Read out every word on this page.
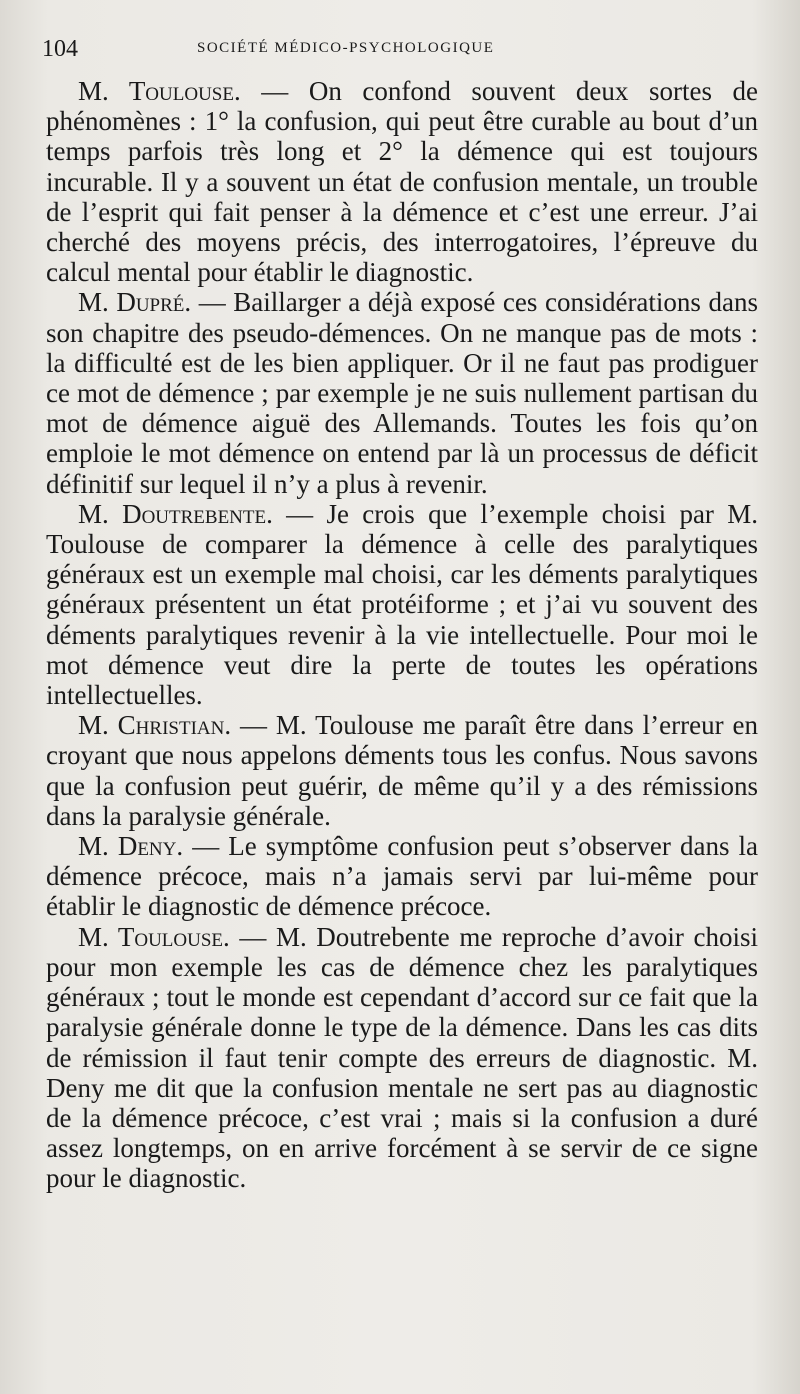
104	SOCIÉTÉ MÉDICO-PSYCHOLOGIQUE

M. Toulouse. — On confond souvent deux sortes de phénomènes : 1° la confusion, qui peut être curable au bout d’un temps parfois très long et 2° la démence qui est toujours incurable. Il y a souvent un état de confusion mentale, un trouble de l’esprit qui fait penser à la démence et c’est une erreur. J’ai cherché des moyens précis, des interrogatoires, l’épreuve du calcul mental pour établir le diagnostic.

M. Dupré. — Baillarger a déjà exposé ces considérations dans son chapitre des pseudo-démences. On ne manque pas de mots : la difficulté est de les bien appliquer. Or il ne faut pas prodiguer ce mot de démence ; par exemple je ne suis nullement partisan du mot de démence aiguë des Allemands. Toutes les fois qu’on emploie le mot démence on entend par là un processus de déficit définitif sur lequel il n’y a plus à revenir.

M. Doutrebente. — Je crois que l’exemple choisi par M. Toulouse de comparer la démence à celle des paralytiques généraux est un exemple mal choisi, car les déments paralytiques généraux présentent un état protéiforme ; et j’ai vu souvent des déments paralytiques revenir à la vie intellectuelle. Pour moi le mot démence veut dire la perte de toutes les opérations intellectuelles.

M. Christian. — M. Toulouse me paraît être dans l’erreur en croyant que nous appelons déments tous les confus. Nous savons que la confusion peut guérir, de même qu’il y a des rémissions dans la paralysie générale.

M. Deny. — Le symptôme confusion peut s’observer dans la démence précoce, mais n’a jamais servi par lui-même pour établir le diagnostic de démence précoce.

M. Toulouse. — M. Doutrebente me reproche d’avoir choisi pour mon exemple les cas de démence chez les paralytiques généraux ; tout le monde est cependant d’accord sur ce fait que la paralysie générale donne le type de la démence. Dans les cas dits de rémission il faut tenir compte des erreurs de diagnostic. M. Deny me dit que la confusion mentale ne sert pas au diagnostic de la démence précoce, c’est vrai ; mais si la confusion a duré assez longtemps, on en arrive forcément à se servir de ce signe pour le diagnostic.
